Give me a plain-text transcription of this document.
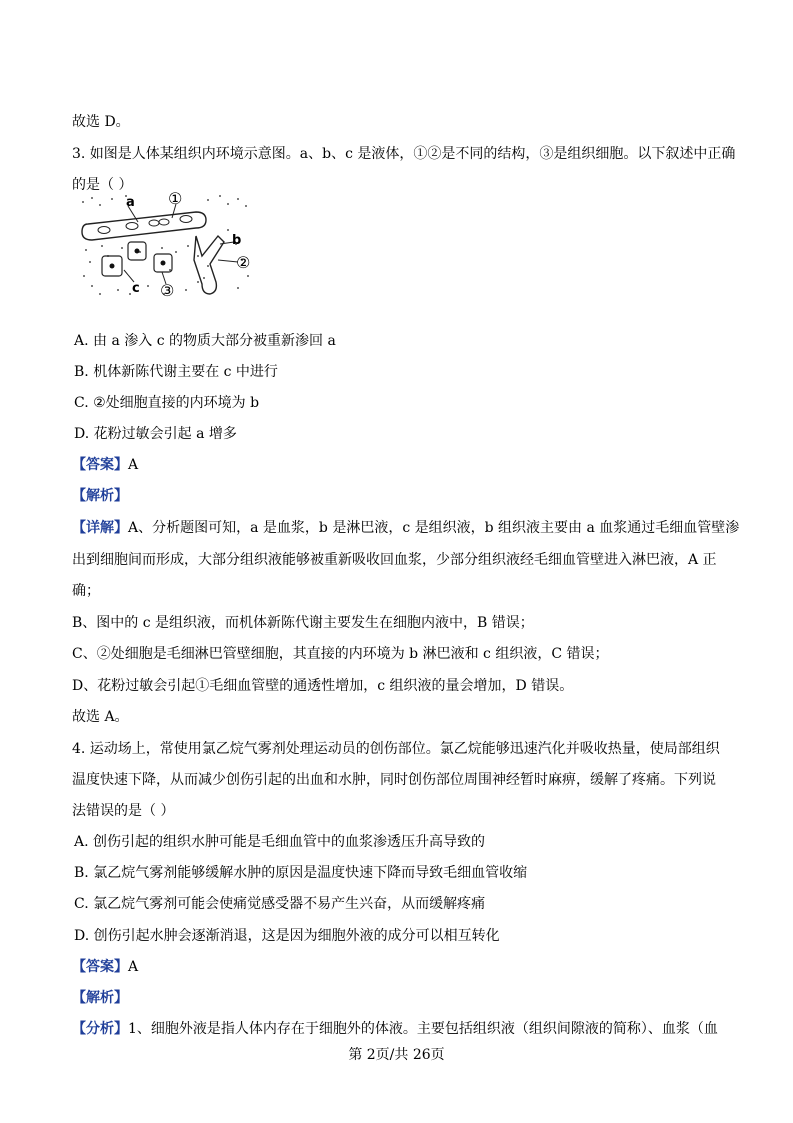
故选 D。
3. 如图是人体某组织内环境示意图。a、b、c 是液体，①②是不同的结构，③是组织细胞。以下叙述中正确
的是（ ）
a ①
b
②
c ③
A. 由 a 渗入 c 的物质大部分被重新渗回 a
B. 机体新陈代谢主要在 c 中进行
C. ②处细胞直接的内环境为 b
D. 花粉过敏会引起 a 增多
【答案】A
【解析】
【详解】A、分析题图可知，a 是血浆，b 是淋巴液，c 是组织液，b 组织液主要由 a 血浆通过毛细血管壁渗
出到细胞间而形成，大部分组织液能够被重新吸收回血浆，少部分组织液经毛细血管壁进入淋巴液，A 正
确；
B、图中的 c 是组织液，而机体新陈代谢主要发生在细胞内液中，B 错误；
C、②处细胞是毛细淋巴管壁细胞，其直接的内环境为 b 淋巴液和 c 组织液，C 错误；
D、花粉过敏会引起①毛细血管壁的通透性增加，c 组织液的量会增加，D 错误。
故选 A。
4. 运动场上，常使用氯乙烷气雾剂处理运动员的创伤部位。氯乙烷能够迅速汽化并吸收热量，使局部组织
温度快速下降，从而减少创伤引起的出血和水肿，同时创伤部位周围神经暂时麻痹，缓解了疼痛。下列说
法错误的是（ ）
A. 创伤引起的组织水肿可能是毛细血管中的血浆渗透压升高导致的
B. 氯乙烷气雾剂能够缓解水肿的原因是温度快速下降而导致毛细血管收缩
C. 氯乙烷气雾剂可能会使痛觉感受器不易产生兴奋，从而缓解疼痛
D. 创伤引起水肿会逐渐消退，这是因为细胞外液的成分可以相互转化
【答案】A
【解析】
【分析】1、细胞外液是指人体内存在于细胞外的体液。主要包括组织液（组织间隙液的简称）、血浆（血
第 2页/共 26页
